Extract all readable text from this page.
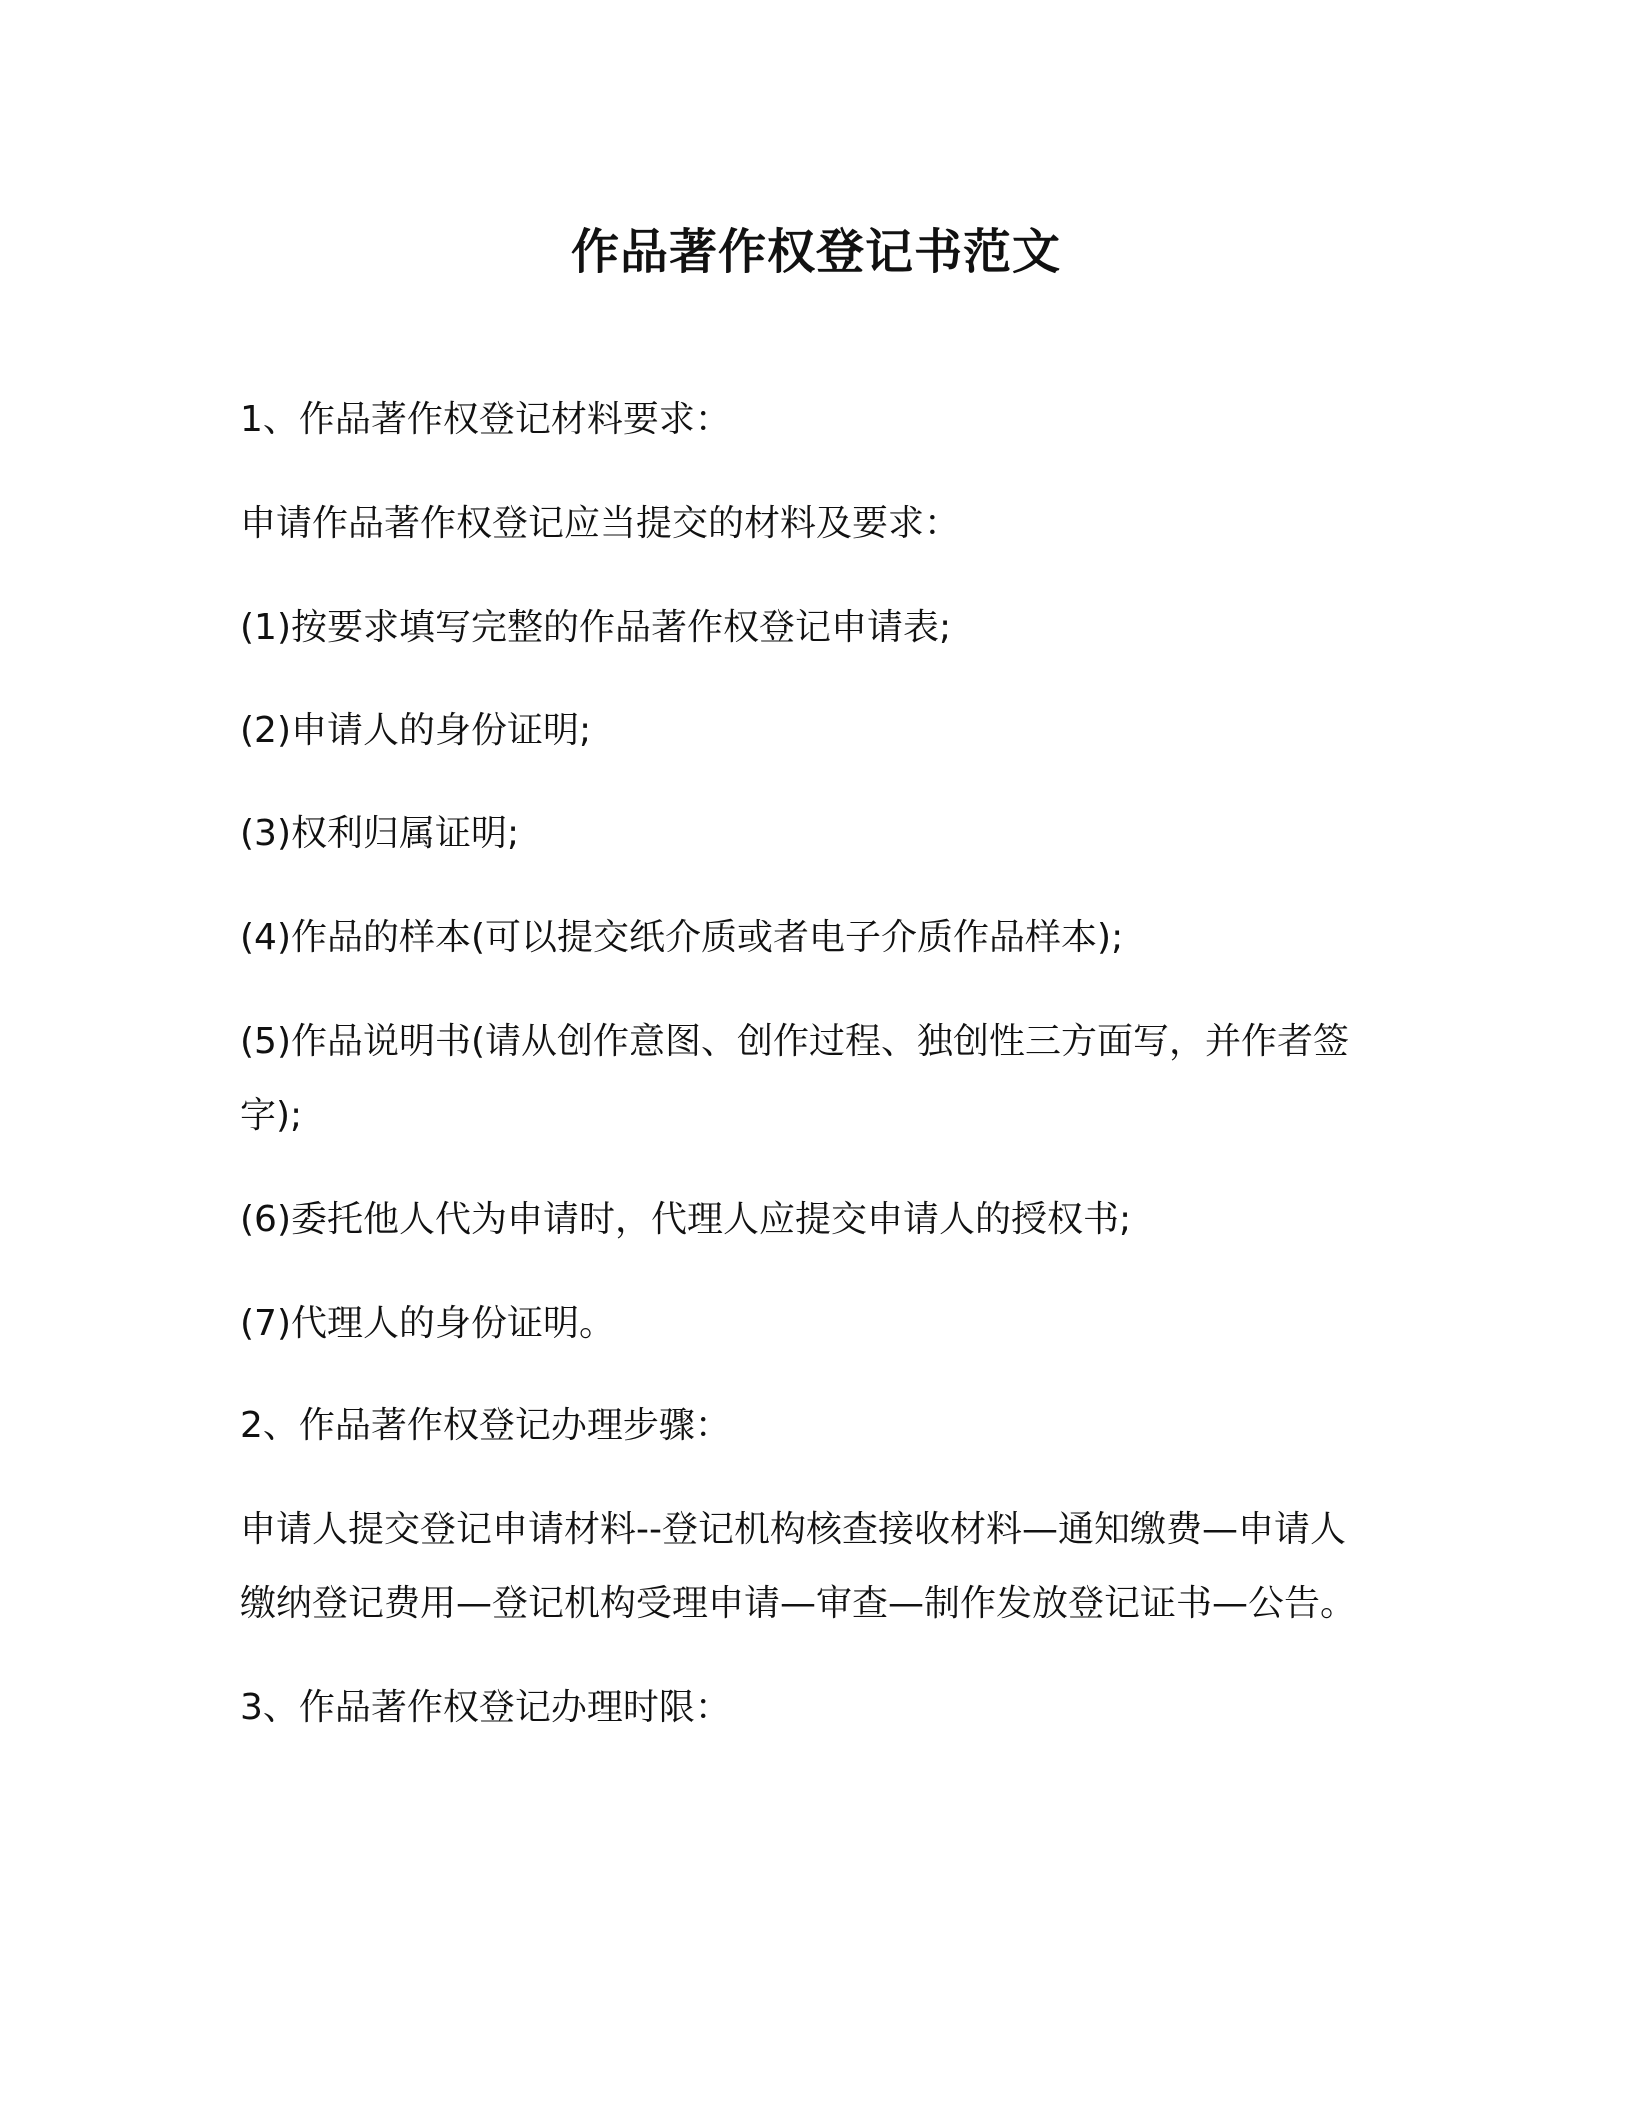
作品著作权登记书范文
1、作品著作权登记材料要求：
申请作品著作权登记应当提交的材料及要求：
(1)按要求填写完整的作品著作权登记申请表;
(2)申请人的身份证明;
(3)权利归属证明;
(4)作品的样本(可以提交纸介质或者电子介质作品样本);
(5)作品说明书(请从创作意图、创作过程、独创性三方面写，并作者签
字);
(6)委托他人代为申请时，代理人应提交申请人的授权书;
(7)代理人的身份证明。
2、作品著作权登记办理步骤：
申请人提交登记申请材料--登记机构核查接收材料—通知缴费—申请人
缴纳登记费用—登记机构受理申请—审查—制作发放登记证书—公告。
3、作品著作权登记办理时限：
